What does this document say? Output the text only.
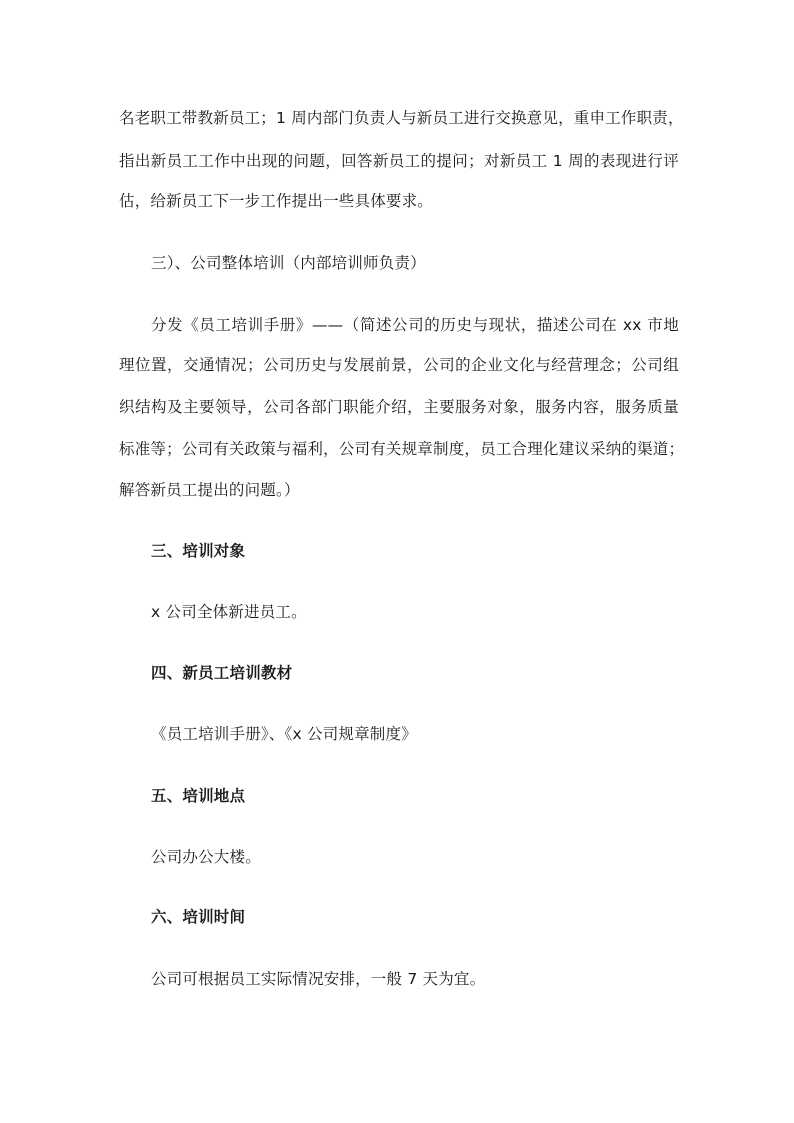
名老职工带教新员工；1 周内部门负责人与新员工进行交换意见，重申工作职责，
指出新员工工作中出现的问题，回答新员工的提问；对新员工 1 周的表现进行评
估，给新员工下一步工作提出一些具体要求。
三）、公司整体培训（内部培训师负责）
分发《员工培训手册》——（简述公司的历史与现状，描述公司在 xx 市地
理位置，交通情况；公司历史与发展前景，公司的企业文化与经营理念；公司组
织结构及主要领导，公司各部门职能介绍，主要服务对象，服务内容，服务质量
标准等；公司有关政策与福利，公司有关规章制度，员工合理化建议采纳的渠道；
解答新员工提出的问题。）
三、培训对象
x 公司全体新进员工。
四、新员工培训教材
《员工培训手册》、《x 公司规章制度》
五、培训地点
公司办公大楼。
六、培训时间
公司可根据员工实际情况安排，一般 7 天为宜。
